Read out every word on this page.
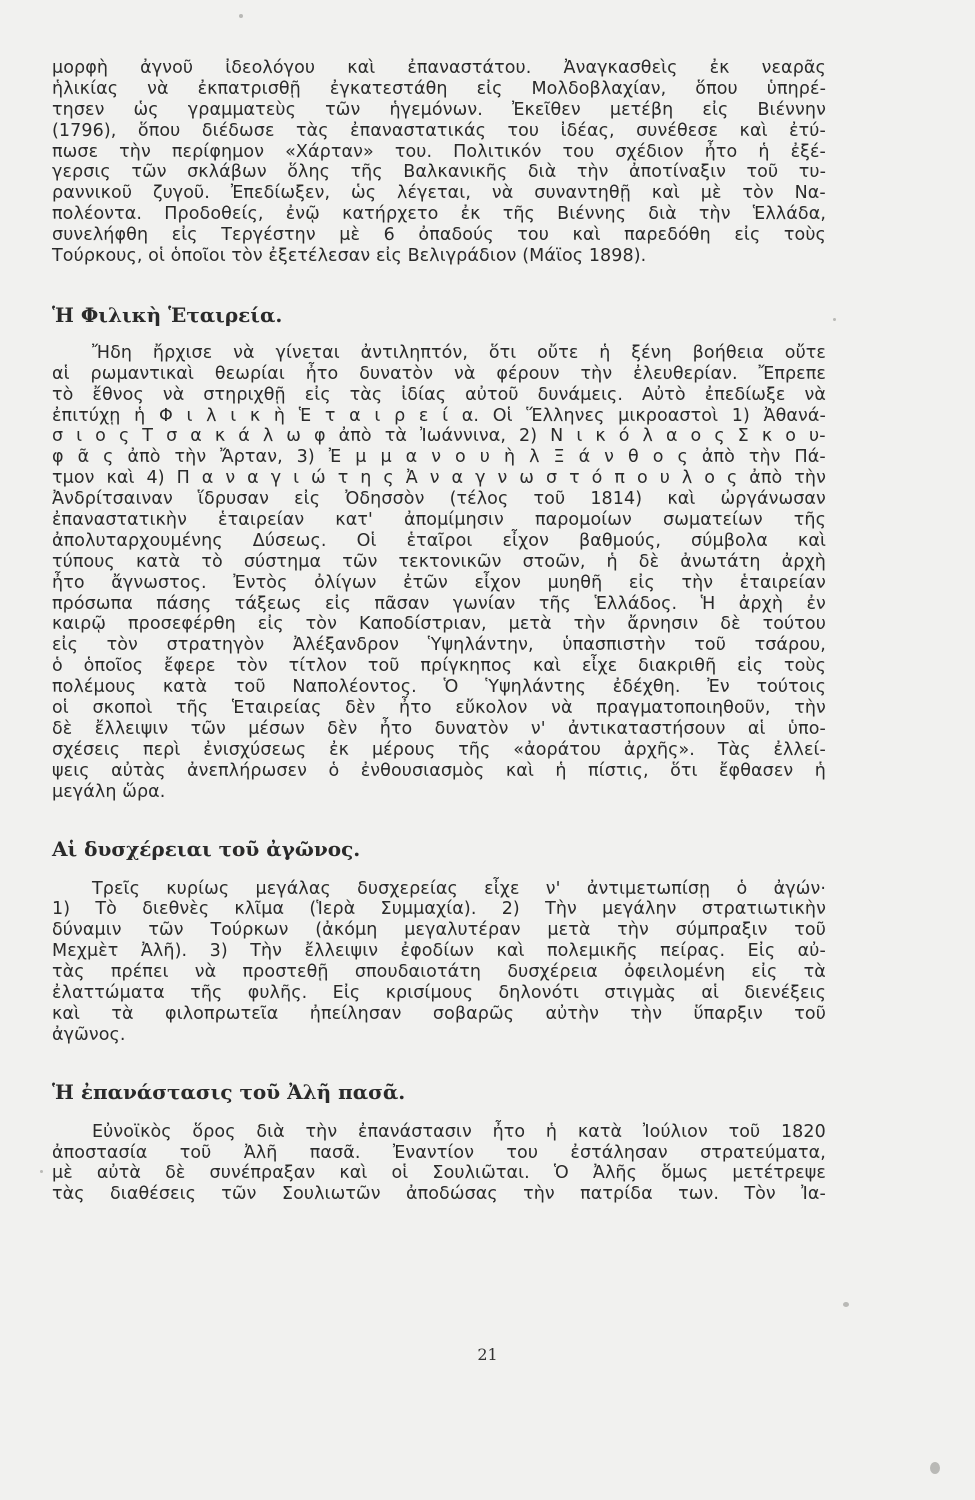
μορφὴ ἀγνοῦ ἰδεολόγου καὶ ἐπαναστάτου. Ἀναγκασθεὶς ἐκ νεαρᾶς
ἡλικίας νὰ ἐκπατρισθῇ ἐγκατεστάθη εἰς Μολδοβλαχίαν, ὅπου ὑπηρέ-
τησεν ὡς γραμματεὺς τῶν ἡγεμόνων. Ἐκεῖθεν μετέβη εἰς Βιέννην
(1796), ὅπου διέδωσε τὰς ἐπαναστατικάς του ἰδέας, συνέθεσε καὶ ἐτύ-
πωσε τὴν περίφημον «Χάρταν» του. Πολιτικόν του σχέδιον ἦτο ἡ ἐξέ-
γερσις τῶν σκλάβων ὅλης τῆς Βαλκανικῆς διὰ τὴν ἀποτίναξιν τοῦ τυ-
ραννικοῦ ζυγοῦ. Ἐπεδίωξεν, ὡς λέγεται, νὰ συναντηθῇ καὶ μὲ τὸν Να-
πολέοντα. Προδοθείς, ἐνῷ κατήρχετο ἐκ τῆς Βιέννης διὰ τὴν Ἑλλάδα,
συνελήφθη εἰς Τεργέστην μὲ 6 ὀπαδούς του καὶ παρεδόθη εἰς τοὺς
Τούρκους, οἱ ὁποῖοι τὸν ἐξετέλεσαν εἰς Βελιγράδιον (Μάϊος 1898).
Ἡ Φιλικὴ Ἑταιρεία.
Ἤδη ἤρχισε νὰ γίνεται ἀντιληπτόν, ὅτι οὔτε ἡ ξένη βοήθεια οὔτε
αἱ ρωμαντικαὶ θεωρίαι ἦτο δυνατὸν νὰ φέρουν τὴν ἐλευθερίαν. Ἔπρεπε
τὸ ἔθνος νὰ στηριχθῇ εἰς τὰς ἰδίας αὐτοῦ δυνάμεις. Αὐτὸ ἐπεδίωξε νὰ
ἐπιτύχῃ ἡ Φ ι λ ι κ ὴ Ἑ τ α ι ρ ε ί α. Οἱ Ἕλληνες μικροαστοὶ 1) Ἀθανά-
σ ι ο ς Τ σ α κ ά λ ω φ ἀπὸ τὰ Ἰωάννινα, 2) Ν ι κ ό λ α ο ς Σ κ ο υ-
φ ᾶ ς ἀπὸ τὴν Ἄρταν, 3) Ἐ μ μ α ν ο υ ὴ λ Ξ ά ν θ ο ς ἀπὸ τὴν Πά-
τμον καὶ 4) Π α ν α γ ι ώ τ η ς Ἀ ν α γ ν ω σ τ ό π ο υ λ ο ς ἀπὸ τὴν
Ἀνδρίτσαιναν ἵδρυσαν εἰς Ὀδησσὸν (τέλος τοῦ 1814) καὶ ὠργάνωσαν
ἐπαναστατικὴν ἑταιρείαν κατ' ἀπομίμησιν παρομοίων σωματείων τῆς
ἀπολυταρχουμένης Δύσεως. Οἱ ἑταῖροι εἶχον βαθμούς, σύμβολα καὶ
τύπους κατὰ τὸ σύστημα τῶν τεκτονικῶν στοῶν, ἡ δὲ ἀνωτάτη ἀρχὴ
ἦτο ἄγνωστος. Ἐντὸς ὀλίγων ἐτῶν εἶχον μυηθῆ εἰς τὴν ἑταιρείαν
πρόσωπα πάσης τάξεως εἰς πᾶσαν γωνίαν τῆς Ἑλλάδος. Ἡ ἀρχὴ ἐν
καιρῷ προσεφέρθη εἰς τὸν Καποδίστριαν, μετὰ τὴν ἄρνησιν δὲ τούτου
εἰς τὸν στρατηγὸν Ἀλέξανδρον Ὑψηλάντην, ὑπασπιστὴν τοῦ τσάρου,
ὁ ὁποῖος ἔφερε τὸν τίτλον τοῦ πρίγκηπος καὶ εἶχε διακριθῆ εἰς τοὺς
πολέμους κατὰ τοῦ Ναπολέοντος. Ὁ Ὑψηλάντης ἐδέχθη. Ἐν τούτοις
οἱ σκοποὶ τῆς Ἑταιρείας δὲν ἦτο εὔκολον νὰ πραγματοποιηθοῦν, τὴν
δὲ ἔλλειψιν τῶν μέσων δὲν ἦτο δυνατὸν ν' ἀντικαταστήσουν αἱ ὑπο-
σχέσεις περὶ ἐνισχύσεως ἐκ μέρους τῆς «ἀοράτου ἀρχῆς». Τὰς ἐλλεί-
ψεις αὐτὰς ἀνεπλήρωσεν ὁ ἐνθουσιασμὸς καὶ ἡ πίστις, ὅτι ἔφθασεν ἡ
μεγάλη ὥρα.
Αἱ δυσχέρειαι τοῦ ἀγῶνος.
Τρεῖς κυρίως μεγάλας δυσχερείας εἶχε ν' ἀντιμετωπίσῃ ὁ ἀγών·
1) Τὸ διεθνὲς κλῖμα (Ἱερὰ Συμμαχία). 2) Τὴν μεγάλην στρατιωτικὴν
δύναμιν τῶν Τούρκων (ἀκόμη μεγαλυτέραν μετὰ τὴν σύμπραξιν τοῦ
Μεχμὲτ Ἀλῆ). 3) Τὴν ἔλλειψιν ἐφοδίων καὶ πολεμικῆς πείρας. Εἰς αὐ-
τὰς πρέπει νὰ προστεθῇ σπουδαιοτάτη δυσχέρεια ὀφειλομένη εἰς τὰ
ἐλαττώματα τῆς φυλῆς. Εἰς κρισίμους δηλονότι στιγμὰς αἱ διενέξεις
καὶ τὰ φιλοπρωτεῖα ἠπείλησαν σοβαρῶς αὐτὴν τὴν ὕπαρξιν τοῦ
ἀγῶνος.
Ἡ ἐπανάστασις τοῦ Ἀλῆ πασᾶ.
Εὐνοϊκὸς ὅρος διὰ τὴν ἐπανάστασιν ἦτο ἡ κατὰ Ἰούλιον τοῦ 1820
ἀποστασία τοῦ Ἀλῆ πασᾶ. Ἐναντίον του ἐστάλησαν στρατεύματα,
μὲ αὐτὰ δὲ συνέπραξαν καὶ οἱ Σουλιῶται. Ὁ Ἀλῆς ὅμως μετέτρεψε
τὰς διαθέσεις τῶν Σουλιωτῶν ἀποδώσας τὴν πατρίδα των. Τὸν Ἰα-
21
